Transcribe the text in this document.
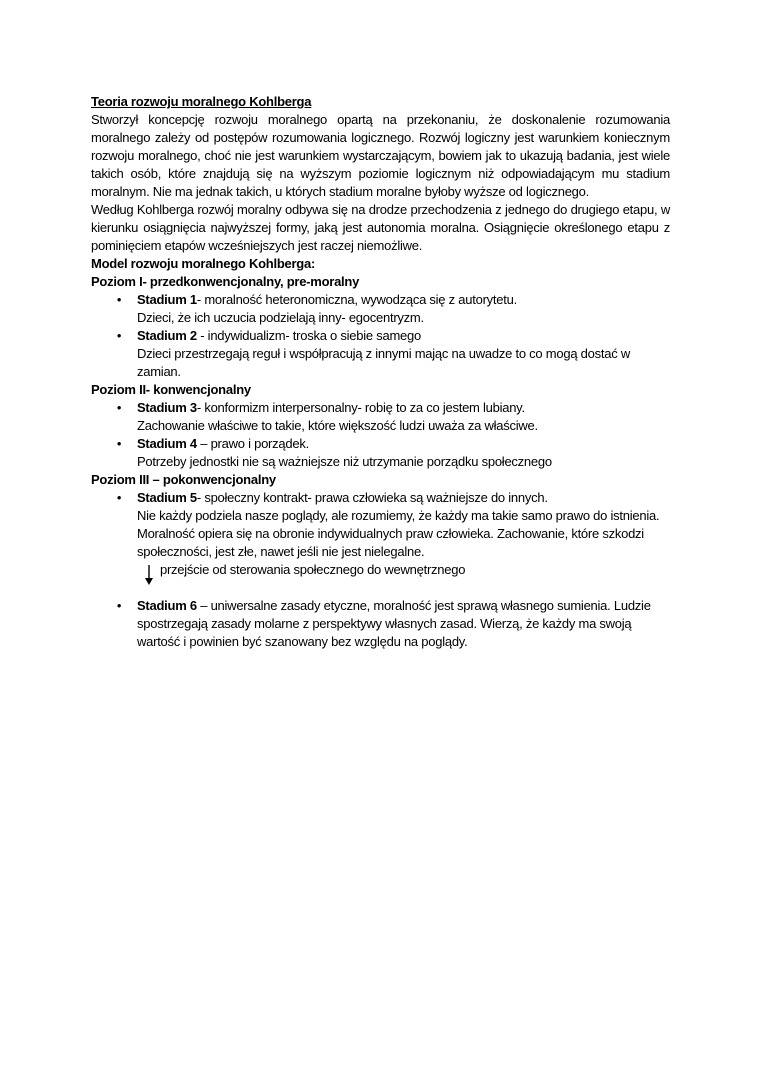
Teoria rozwoju moralnego Kohlberga

Stworzył koncepcję rozwoju moralnego opartą na przekonaniu, że doskonalenie rozumowania moralnego zależy od postępów rozumowania logicznego. Rozwój logiczny jest warunkiem koniecznym rozwoju moralnego, choć nie jest warunkiem wystarczającym, bowiem jak to ukazują badania, jest wiele takich osób, które znajdują się na wyższym poziomie logicznym niż odpowiadającym mu stadium moralnym. Nie ma jednak takich, u których stadium moralne byłoby wyższe od logicznego.

Według Kohlberga rozwój moralny odbywa się na drodze przechodzenia z jednego do drugiego etapu, w kierunku osiągnięcia najwyższej formy, jaką jest autonomia moralna. Osiągnięcie określonego etapu z pominięciem etapów wcześniejszych jest raczej niemożliwe.

Model rozwoju moralnego Kohlberga:

Poziom I- przedkonwencjonalny, pre-moralny

• Stadium 1- moralność heteronomiczna, wywodząca się z autorytetu.
Dzieci, że ich uczucia podzielają inny- egocentryzm.
• Stadium 2 - indywidualizm- troska o siebie samego
Dzieci przestrzegają reguł i współpracują z innymi mając na uwadze to co mogą dostać w zamian.

Poziom II- konwencjonalny

• Stadium 3- konformizm interpersonalny- robię to za co jestem lubiany.
Zachowanie właściwe to takie, które większość ludzi uważa za właściwe.
• Stadium 4 – prawo i porządek.
Potrzeby jednostki nie są ważniejsze niż utrzymanie porządku społecznego

Poziom III – pokonwencjonalny

• Stadium 5- społeczny kontrakt- prawa człowieka są ważniejsze do innych.
Nie każdy podziela nasze poglądy, ale rozumiemy, że każdy ma takie samo prawo do istnienia. Moralność opiera się na obronie indywidualnych praw człowieka. Zachowanie, które szkodzi społeczności, jest złe, nawet jeśli nie jest nielegalne.
przejście od sterowania społecznego do wewnętrznego
• Stadium 6 – uniwersalne zasady etyczne, moralność jest sprawą własnego sumienia. Ludzie spostrzegają zasady molarne z perspektywy własnych zasad. Wierzą, że każdy ma swoją wartość i powinien być szanowany bez względu na poglądy.
